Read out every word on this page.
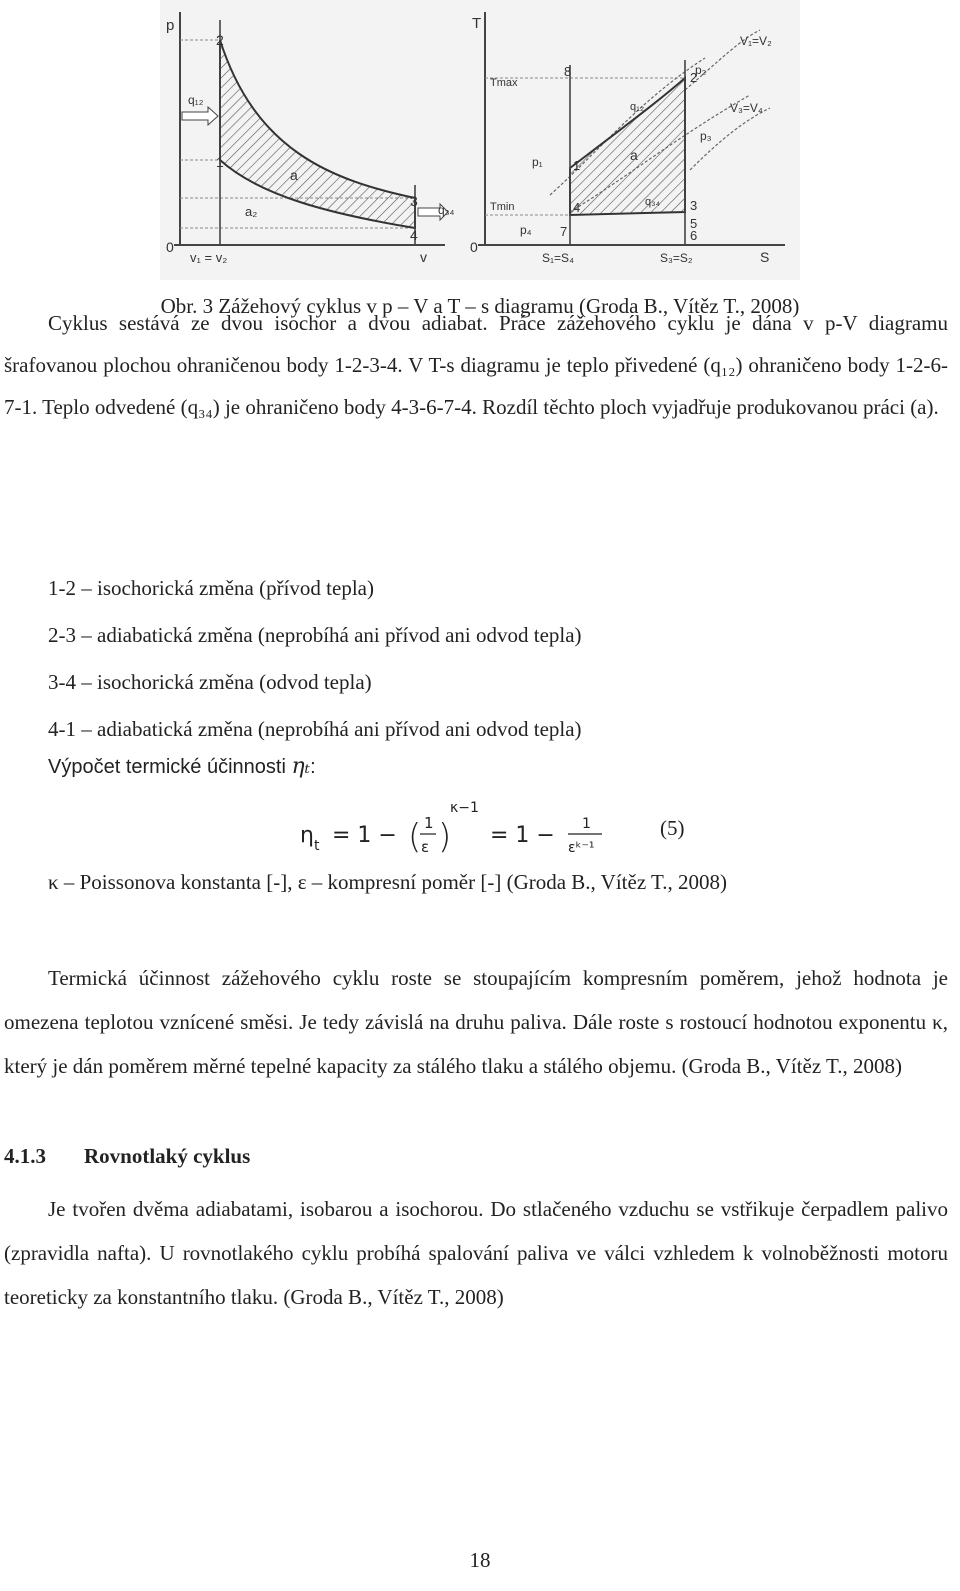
p
v
0
v₁ = v₂
2
1
3
4
q₁₂
q₃₄
a
a₂
T
S
0
Tmax
Tmin
p₁
p₂
p₃
p₄
V₁=V₂
V₃=V₄
S₁=S₄	S₃=S₂
1
2
3
4
5
6
7
8
a
q₁₂
q₃₄
Obr. 3 Zážehový cyklus v p – V a T – s diagramu (Groda B., Vítěz T., 2008)
Cyklus sestává ze dvou isochor a dvou adiabat. Práce zážehového cyklu je dána v p-V diagramu šrafovanou plochou ohraničenou body 1-2-3-4. V T-s diagramu je teplo přivedené (q₁₂) ohraničeno body 1-2-6-7-1. Teplo odvedené (q₃₄) je ohraničeno body 4-3-6-7-4. Rozdíl těchto ploch vyjadřuje produkovanou práci (a).
1-2 – isochorická změna (přívod tepla)
2-3 – adiabatická změna (neprobíhá ani přívod ani odvod tepla)
3-4 – isochorická změna (odvod tepla)
4-1 – adiabatická změna (neprobíhá ani přívod ani odvod tepla)
Výpočet termické účinnosti ηₜ:
η t = 1 − ( 1
ε )
κ−1
= 1 − 1
εᵏ⁻¹
(5)
κ – Poissonova konstanta [-], ε – kompresní poměr [-] (Groda B., Vítěz T., 2008)
Termická účinnost zážehového cyklu roste se stoupajícím kompresním poměrem, jehož hodnota je omezena teplotou vznícené směsi. Je tedy závislá na druhu paliva. Dále roste s rostoucí hodnotou exponentu κ, který je dán poměrem měrné tepelné kapacity za stálého tlaku a stálého objemu. (Groda B., Vítěz T., 2008)
4.1.3 Rovnotlaký cyklus
Je tvořen dvěma adiabatami, isobarou a isochorou. Do stlačeného vzduchu se vstřikuje čerpadlem palivo (zpravidla nafta). U rovnotlakého cyklu probíhá spalování paliva ve válci vzhledem k volnoběžnosti motoru teoreticky za konstantního tlaku. (Groda B., Vítěz T., 2008)
18
